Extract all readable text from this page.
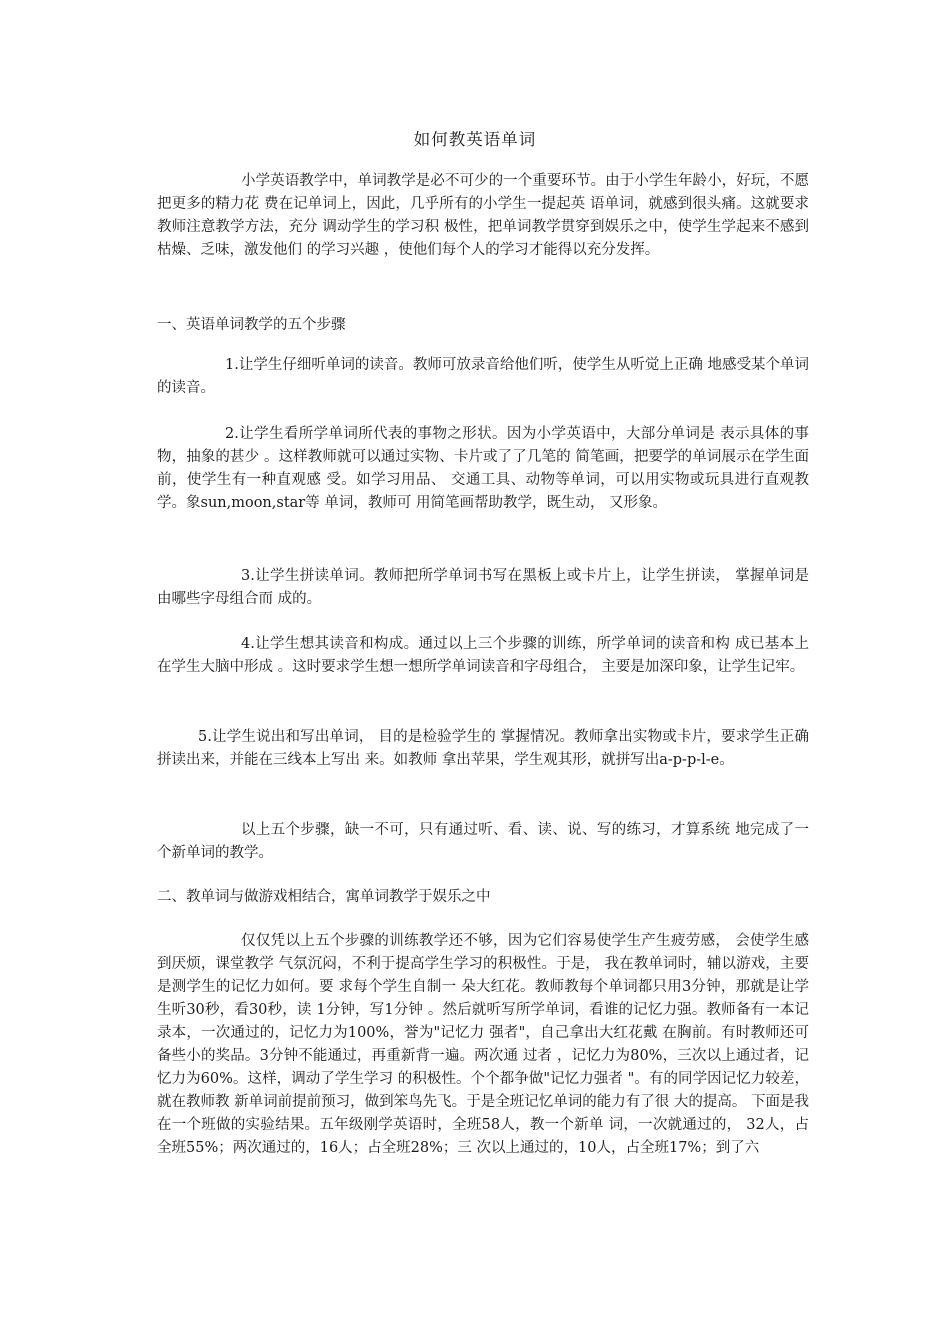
如何教英语单词
小学英语教学中，单词教学是必不可少的一个重要环节。由于小学生年龄小，好玩，不愿把更多的精力花 费在记单词上，因此，几乎所有的小学生一提起英 语单词，就感到很头痛。这就要求教师注意教学方法，充分 调动学生的学习积 极性，把单词教学贯穿到娱乐之中，使学生学起来不感到枯燥、乏味，激发他们 的学习兴趣 ，使他们每个人的学习才能得以充分发挥。
一、英语单词教学的五个步骤
1.让学生仔细听单词的读音。教师可放录音给他们听，使学生从听觉上正确 地感受某个单词的读音。
2.让学生看所学单词所代表的事物之形状。因为小学英语中，大部分单词是 表示具体的事物，抽象的甚少 。这样教师就可以通过实物、卡片或了了几笔的 简笔画，把要学的单词展示在学生面前，使学生有一种直观感 受。如学习用品、 交通工具、动物等单词，可以用实物或玩具进行直观教学。象sun,moon,star等 单词，教师可 用简笔画帮助教学，既生动， 又形象。
3.让学生拼读单词。教师把所学单词书写在黑板上或卡片上，让学生拼读， 掌握单词是由哪些字母组合而 成的。
4.让学生想其读音和构成。通过以上三个步骤的训练，所学单词的读音和构 成已基本上在学生大脑中形成 。这时要求学生想一想所学单词读音和字母组合， 主要是加深印象，让学生记牢。
5.让学生说出和写出单词， 目的是检验学生的 掌握情况。教师拿出实物或卡片，要求学生正确拼读出来，并能在三线本上写出 来。如教师 拿出苹果，学生观其形，就拼写出a-p-p-l-e。
以上五个步骤，缺一不可，只有通过听、看、读、说、写的练习，才算系统 地完成了一个新单词的教学。
二、教单词与做游戏相结合，寓单词教学于娱乐之中
仅仅凭以上五个步骤的训练教学还不够，因为它们容易使学生产生疲劳感， 会使学生感到厌烦，课堂教学 气氛沉闷，不利于提高学生学习的积极性。于是， 我在教单词时，辅以游戏，主要是测学生的记忆力如何。要 求每个学生自制一 朵大红花。教师教每个单词都只用3分钟，那就是让学生听30秒，看30秒，读 1分钟，写1分钟 。然后就听写所学单词，看谁的记忆力强。教师备有一本记 录本，一次通过的，记忆力为100%，誉为"记忆力 强者"，自己拿出大红花戴 在胸前。有时教师还可备些小的奖品。3分钟不能通过，再重新背一遍。两次通 过者 ，记忆力为80%，三次以上通过者，记忆力为60%。这样，调动了学生学习 的积极性。个个都争做"记忆力强者 "。有的同学因记忆力较差，就在教师教 新单词前提前预习，做到笨鸟先飞。于是全班记忆单词的能力有了很 大的提高。 下面是我在一个班做的实验结果。五年级刚学英语时，全班58人，教一个新单 词，一次就通过的， 32人，占全班55%；两次通过的，16人；占全班28%；三 次以上通过的，10人，占全班17%；到了六
